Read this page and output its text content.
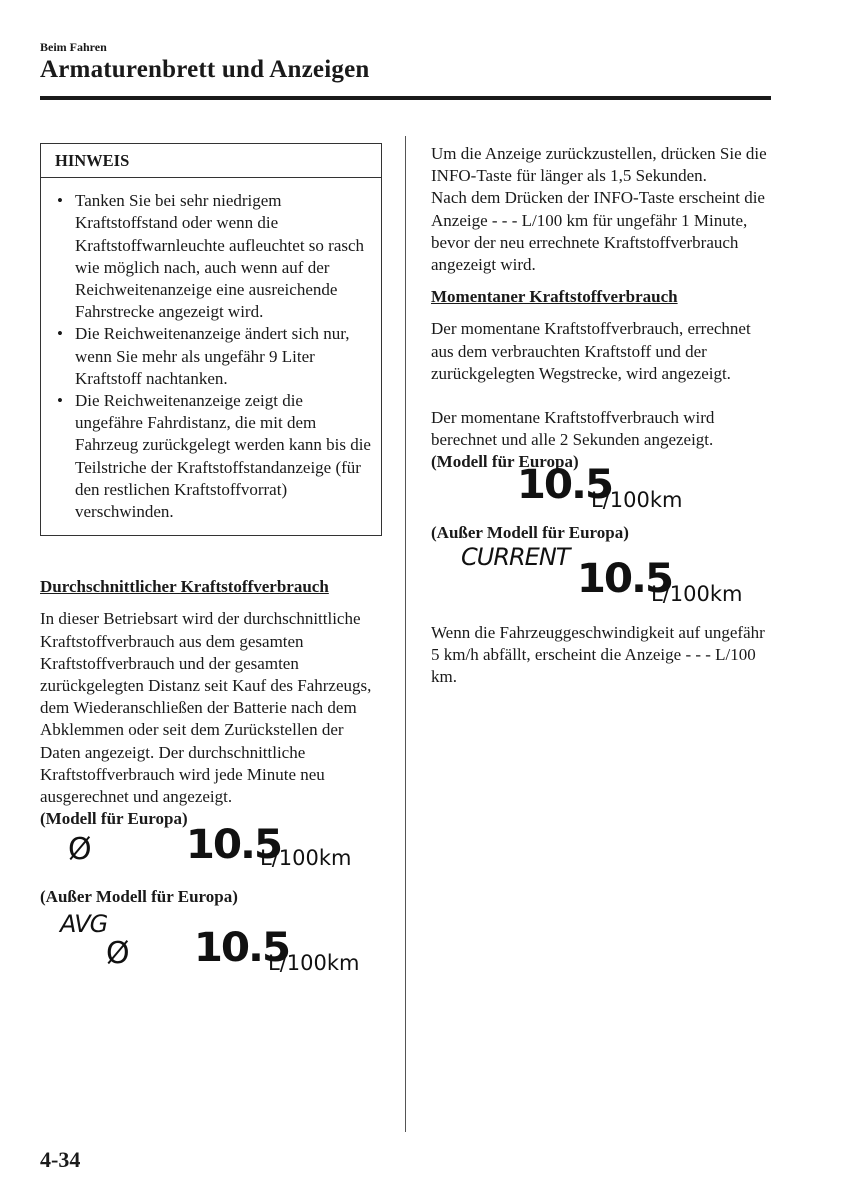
Beim Fahren
Armaturenbrett und Anzeigen
HINWEIS
• Tanken Sie bei sehr niedrigem Kraftstoffstand oder wenn die Kraftstoffwarnleuchte aufleuchtet so rasch wie möglich nach, auch wenn auf der Reichweitenanzeige eine ausreichende Fahrstrecke angezeigt wird.
• Die Reichweitenanzeige ändert sich nur, wenn Sie mehr als ungefähr 9 Liter Kraftstoff nachtanken.
• Die Reichweitenanzeige zeigt die ungefähre Fahrdistanz, die mit dem Fahrzeug zurückgelegt werden kann bis die Teilstriche der Kraftstoffstandanzeige (für den restlichen Kraftstoffvorrat) verschwinden.
Durchschnittlicher Kraftstoffverbrauch

In dieser Betriebsart wird der durchschnittliche Kraftstoffverbrauch aus dem gesamten Kraftstoffverbrauch und der gesamten zurückgelegten Distanz seit Kauf des Fahrzeugs, dem Wiederanschließen der Batterie nach dem Abklemmen oder seit dem Zurückstellen der Daten angezeigt. Der durchschnittliche Kraftstoffverbrauch wird jede Minute neu ausgerechnet und angezeigt.

(Modell für Europa)
Ø 10.5
L/100km
(Außer Modell für Europa)
AVG
Ø 10.5
L/100km

Um die Anzeige zurückzustellen, drücken Sie die INFO-Taste für länger als 1,5 Sekunden.

Nach dem Drücken der INFO-Taste erscheint die Anzeige - - - L/100 km für ungefähr 1 Minute, bevor der neu errechnete Kraftstoffverbrauch angezeigt wird.

Momentaner Kraftstoffverbrauch

Der momentane Kraftstoffverbrauch, errechnet aus dem verbrauchten Kraftstoff und der zurückgelegten Wegstrecke, wird angezeigt.

Der momentane Kraftstoffverbrauch wird berechnet und alle 2 Sekunden angezeigt.

(Modell für Europa)
10.5
L/100km
(Außer Modell für Europa)
CURRENT 10.5
L/100km

Wenn die Fahrzeuggeschwindigkeit auf ungefähr 5 km/h abfällt, erscheint die Anzeige - - - L/100 km.

4-34
